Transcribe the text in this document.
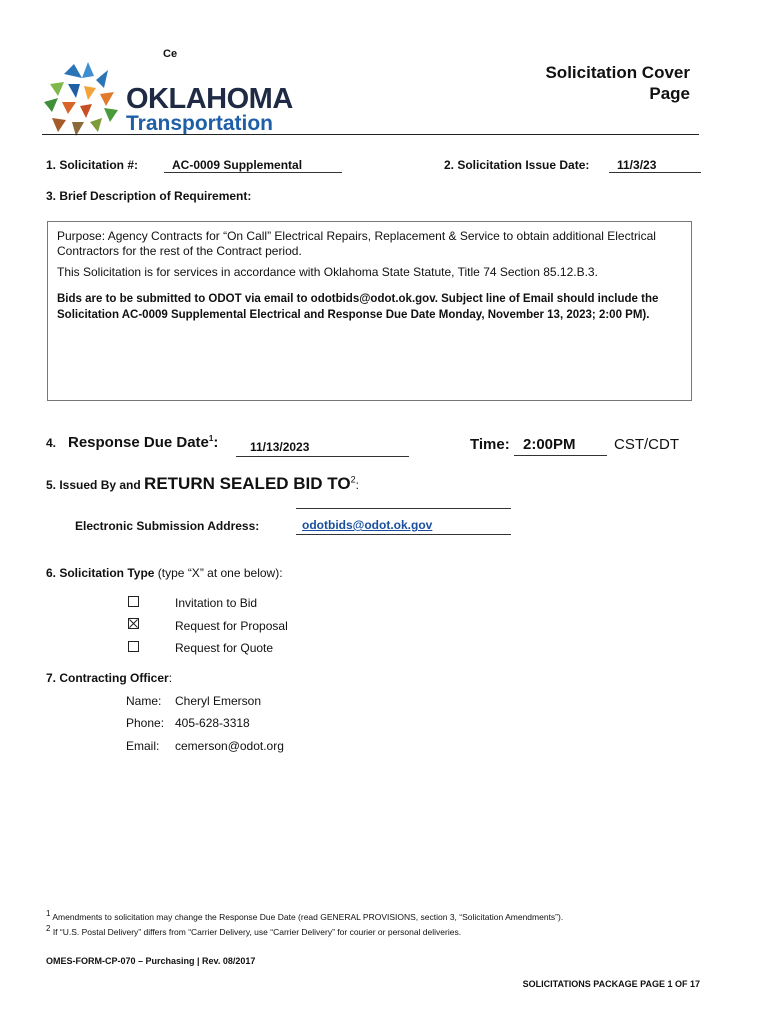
Ce
OKLAHOMA
Transportation
Solicitation Cover
Page
1. Solicitation #:	AC-0009 Supplemental	2. Solicitation Issue Date:	11/3/23
3. Brief Description of Requirement:

Purpose: Agency Contracts for “On Call” Electrical Repairs, Replacement & Service to obtain additional Electrical Contractors for the rest of the Contract period.

This Solicitation is for services in accordance with Oklahoma State Statute, Title 74 Section 85.12.B.3.

Bids are to be submitted to ODOT via email to odotbids@odot.ok.gov. Subject line of Email should include the Solicitation AC-0009 Supplemental Electrical and Response Due Date Monday, November 13, 2023; 2:00 PM).

4. Response Due Date$^1$:	11/13/2023	Time: 2:00PM	CST/CDT
5. Issued By and RETURN SEALED BID $TO^2$:
Electronic Submission Address:	odotbids@odot.ok.gov
6. Solicitation Type (type “X” at one below):
Invitation to Bid
Request for Proposal
Request for Quote
7. Contracting Officer:
Name: Cheryl Emerson
Phone: 405-628-3318
Email: cemerson@odot.org
$^1$ Amendments to solicitation may change the Response Due Date (read GENERAL PROVISIONS, section 3, “Solicitation Amendments”).
$^2$ If “U.S. Postal Delivery” differs from “Carrier Delivery, use “Carrier Delivery” for courier or personal deliveries.
OMES-FORM-CP-070 – Purchasing | Rev. 08/2017
SOLICITATIONS PACKAGE PAGE 1 OF 17
